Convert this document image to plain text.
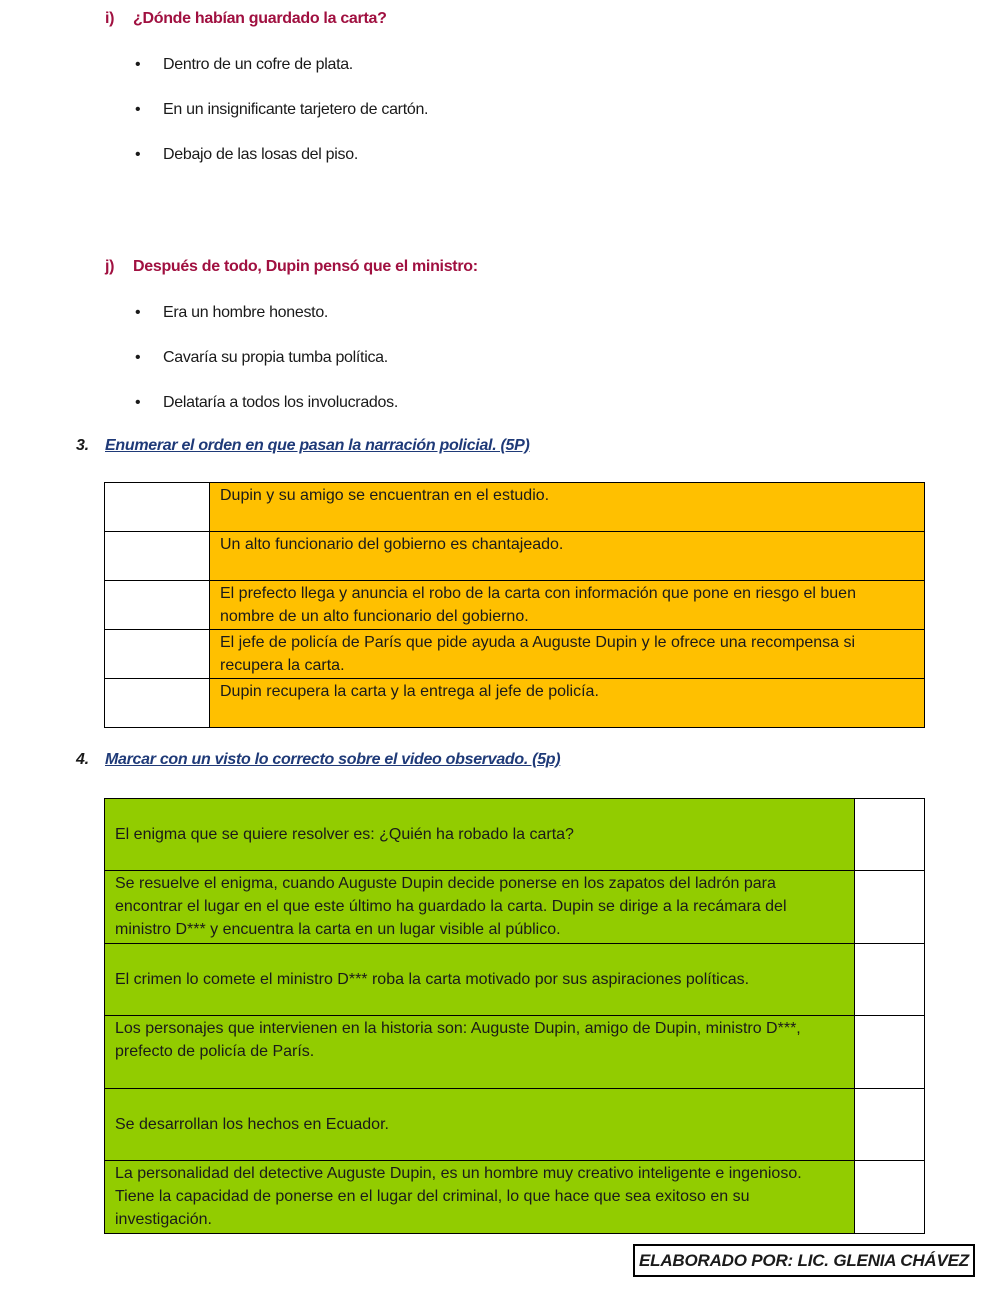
i) ¿Dónde habían guardado la carta?
• Dentro de un cofre de plata.
• En un insignificante tarjetero de cartón.
• Debajo de las losas del piso.
j) Después de todo, Dupin pensó que el ministro:
• Era un hombre honesto.
• Cavaría su propia tumba política.
• Delataría a todos los involucrados.
3. Enumerar el orden en que pasan la narración policial. (5P)
	Dupin y su amigo se encuentran en el estudio.
	Un alto funcionario del gobierno es chantajeado.
	El prefecto llega y anuncia el robo de la carta con información que pone en riesgo el buen nombre de un alto funcionario del gobierno.
	El jefe de policía de París que pide ayuda a Auguste Dupin y le ofrece una recompensa si recupera la carta.
	Dupin recupera la carta y la entrega al jefe de policía.
4. Marcar con un visto lo correcto sobre el video observado. (5p)
El enigma que se quiere resolver es: ¿Quién ha robado la carta?	
Se resuelve el enigma, cuando Auguste Dupin decide ponerse en los zapatos del ladrón para encontrar el lugar en el que este último ha guardado la carta. Dupin se dirige a la recámara del ministro D*** y encuentra la carta en un lugar visible al público.	
El crimen lo comete el ministro D*** roba la carta motivado por sus aspiraciones políticas.	
Los personajes que intervienen en la historia son: Auguste Dupin, amigo de Dupin, ministro D***, prefecto de policía de París.	
Se desarrollan los hechos en Ecuador.	
La personalidad del detective Auguste Dupin, es un hombre muy creativo inteligente e ingenioso. Tiene la capacidad de ponerse en el lugar del criminal, lo que hace que sea exitoso en su investigación.	
ELABORADO POR: LIC. GLENIA CHÁVEZ
